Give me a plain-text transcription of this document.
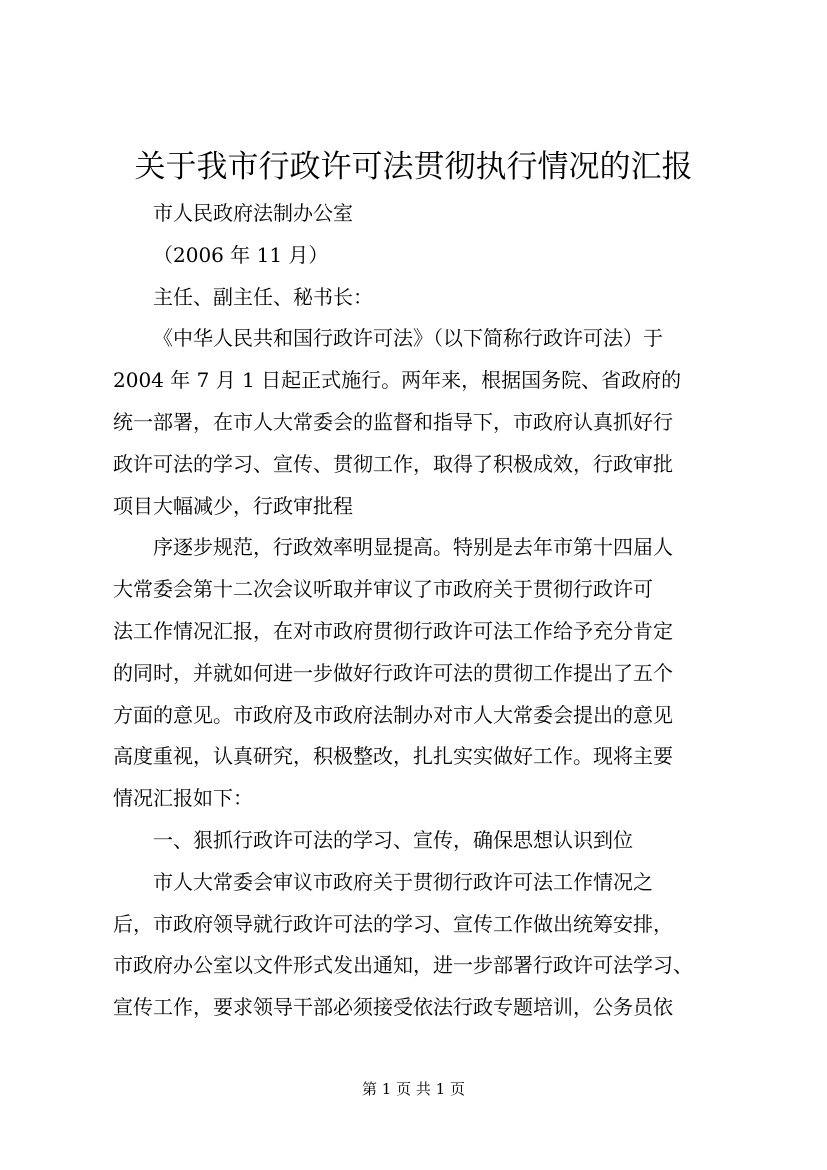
关于我市行政许可法贯彻执行情况的汇报
市人民政府法制办公室
（2006 年 11 月）
主任、副主任、秘书长：
《中华人民共和国行政许可法》（以下简称行政许可法）于
2004 年 7 月 1 日起正式施行。两年来，根据国务院、省政府的
统一部署，在市人大常委会的监督和指导下，市政府认真抓好行
政许可法的学习、宣传、贯彻工作，取得了积极成效，行政审批
项目大幅减少，行政审批程
序逐步规范，行政效率明显提高。特别是去年市第十四届人
大常委会第十二次会议听取并审议了市政府关于贯彻行政许可
法工作情况汇报，在对市政府贯彻行政许可法工作给予充分肯定
的同时，并就如何进一步做好行政许可法的贯彻工作提出了五个
方面的意见。市政府及市政府法制办对市人大常委会提出的意见
高度重视，认真研究，积极整改，扎扎实实做好工作。现将主要
情况汇报如下：
一、狠抓行政许可法的学习、宣传，确保思想认识到位
市人大常委会审议市政府关于贯彻行政许可法工作情况之
后，市政府领导就行政许可法的学习、宣传工作做出统筹安排，
市政府办公室以文件形式发出通知，进一步部署行政许可法学习、
宣传工作，要求领导干部必须接受依法行政专题培训，公务员依
第 1 页 共 1 页
